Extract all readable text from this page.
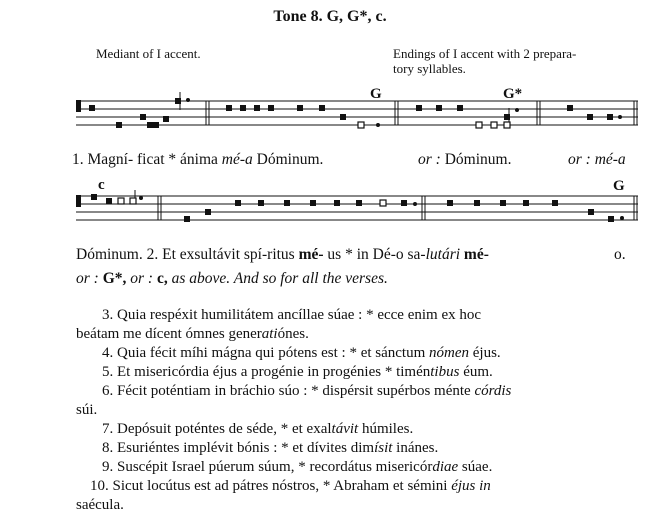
Tone 8. G, G*, c.
Mediant of I accent.	Endings of I accent with 2 prepara-
tory syllables.
G	G*
1. Magní- ficat * ánima mé-a Dóminum.	or : Dóminum.	or : mé-a
c	G
Dóminum. 2. Et exsultávit spí-ritus mé- us * in Dé-o sa-lutári mé-	o.
or : G*, or : c, as above. And so for all the verses.
3. Quia respéxit humilitátem ancíllae súae : * ecce enim ex hoc
beátam me dícent ómnes generatiónes.
4. Quia fécit míhi mágna qui pótens est : * et sánctum nómen éjus.
5. Et misericórdia éjus a progénie in progénies * timéntibus éum.
6. Fécit poténtiam in bráchio súo : * dispérsit supérbos ménte córdis
súi.
7. Depósuit poténtes de séde, * et exaltávit húmiles.
8. Esuriéntes implévit bónis : * et dívites dimísit inánes.
9. Suscépit Israel púerum súum, * recordátus misericórdiae súae.
10. Sicut locútus est ad pátres nóstros, * Abraham et sémini éjus in
saécula.
